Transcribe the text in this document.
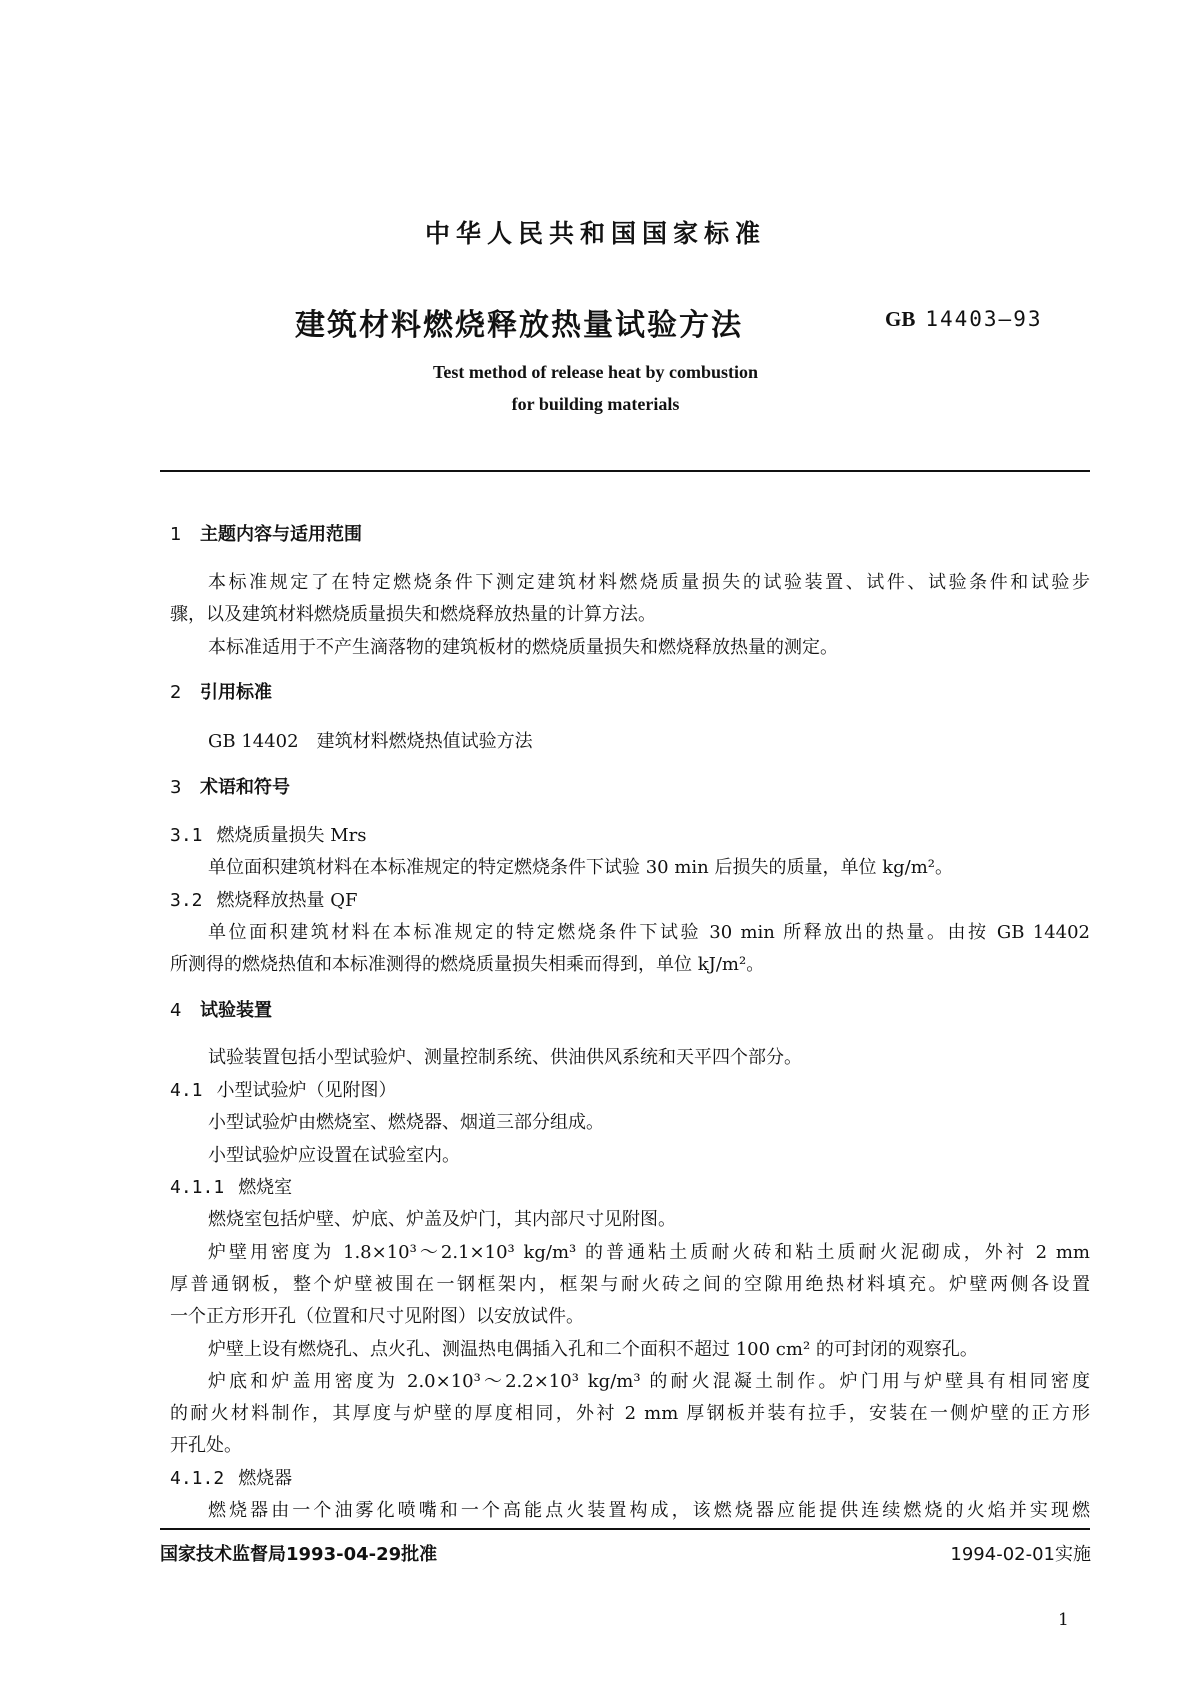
中华人民共和国国家标准
建筑材料燃烧释放热量试验方法	GB 14403—93
Test method of release heat by combustion
for building materials
1 主题内容与适用范围
本标准规定了在特定燃烧条件下测定建筑材料燃烧质量损失的试验装置、试件、试验条件和试验步
骤，以及建筑材料燃烧质量损失和燃烧释放热量的计算方法。
本标准适用于不产生滴落物的建筑板材的燃烧质量损失和燃烧释放热量的测定。
2 引用标准
GB 14402　建筑材料燃烧热值试验方法
3 术语和符号
3.1 燃烧质量损失 Mrs
单位面积建筑材料在本标准规定的特定燃烧条件下试验 30 min 后损失的质量，单位 kg/m²。
3.2 燃烧释放热量 QF
单位面积建筑材料在本标准规定的特定燃烧条件下试验 30 min 所释放出的热量。由按 GB 14402
所测得的燃烧热值和本标准测得的燃烧质量损失相乘而得到，单位 kJ/m²。
4 试验装置
试验装置包括小型试验炉、测量控制系统、供油供风系统和天平四个部分。
4.1 小型试验炉（见附图）
小型试验炉由燃烧室、燃烧器、烟道三部分组成。
小型试验炉应设置在试验室内。
4.1.1 燃烧室
燃烧室包括炉壁、炉底、炉盖及炉门，其内部尺寸见附图。
炉壁用密度为 1.8×10³～2.1×10³ kg/m³ 的普通粘土质耐火砖和粘土质耐火泥砌成，外衬 2 mm
厚普通钢板，整个炉壁被围在一钢框架内，框架与耐火砖之间的空隙用绝热材料填充。炉壁两侧各设置
一个正方形开孔（位置和尺寸见附图）以安放试件。
炉壁上设有燃烧孔、点火孔、测温热电偶插入孔和二个面积不超过 100 cm² 的可封闭的观察孔。
炉底和炉盖用密度为 2.0×10³～2.2×10³ kg/m³ 的耐火混凝土制作。炉门用与炉壁具有相同密度
的耐火材料制作，其厚度与炉壁的厚度相同，外衬 2 mm 厚钢板并装有拉手，安装在一侧炉壁的正方形
开孔处。
4.1.2 燃烧器
燃烧器由一个油雾化喷嘴和一个高能点火装置构成，该燃烧器应能提供连续燃烧的火焰并实现燃
国家技术监督局1993-04-29批准	1994-02-01实施
1
